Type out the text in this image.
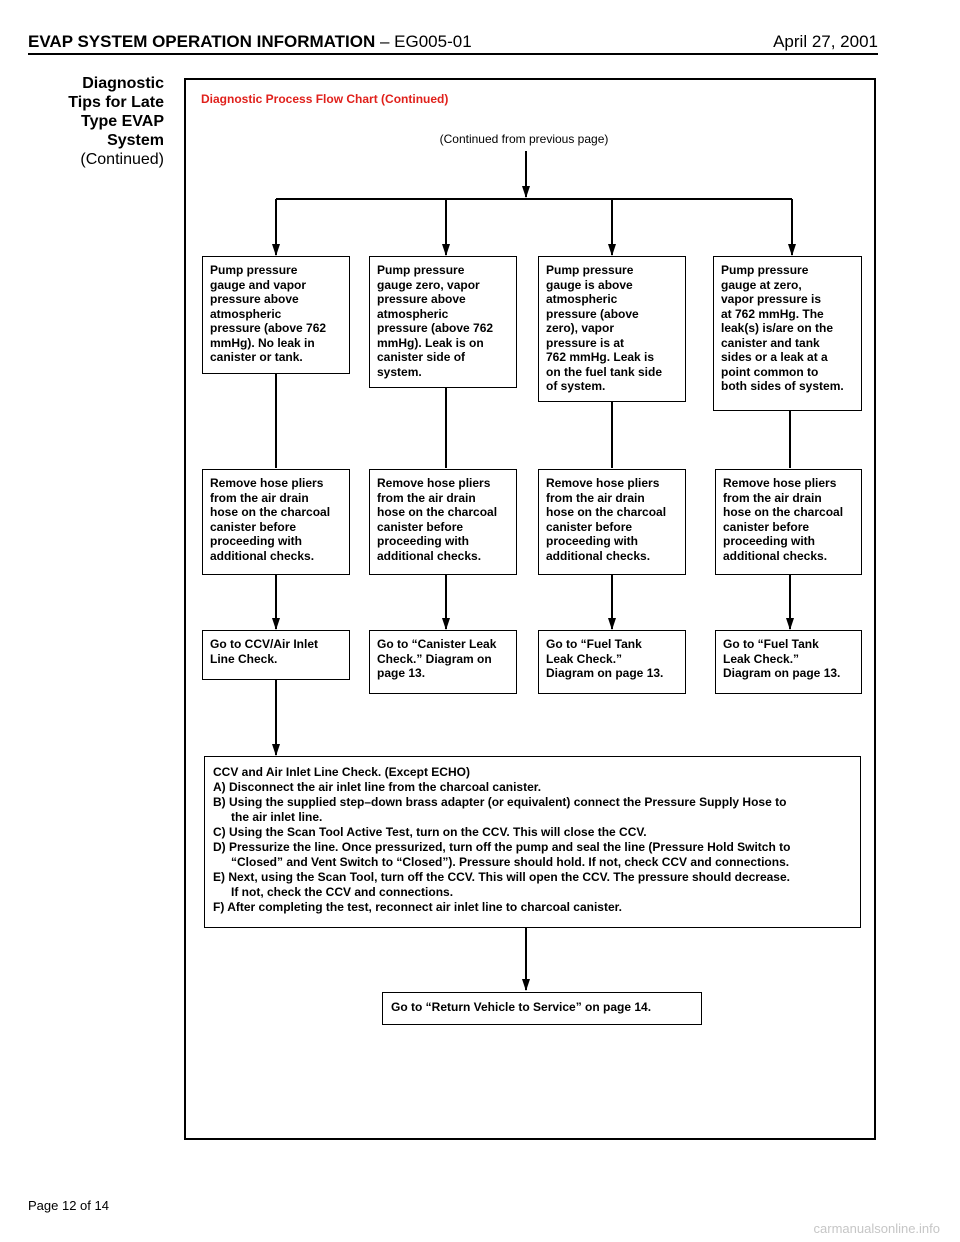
EVAP SYSTEM OPERATION INFORMATION – EG005-01	April 27, 2001
Diagnostic
Tips for Late
Type EVAP
System
(Continued)
Diagnostic Process Flow Chart (Continued)
(Continued from previous page)
Pump pressure
gauge and vapor
pressure above
atmospheric
pressure (above 762
mmHg). No leak in
canister or tank.
Pump pressure
gauge zero, vapor
pressure above
atmospheric
pressure (above 762
mmHg). Leak is on
canister side of
system.
Pump pressure
gauge is above
atmospheric
pressure (above
zero), vapor
pressure is at
762 mmHg. Leak is
on the fuel tank side
of system.
Pump pressure
gauge at zero,
vapor pressure is
at 762 mmHg. The
leak(s) is/are on the
canister and tank
sides or a leak at a
point common to
both sides of system.
Remove hose pliers
from the air drain
hose on the charcoal
canister before
proceeding with
additional checks.
Remove hose pliers
from the air drain
hose on the charcoal
canister before
proceeding with
additional checks.
Remove hose pliers
from the air drain
hose on the charcoal
canister before
proceeding with
additional checks.
Remove hose pliers
from the air drain
hose on the charcoal
canister before
proceeding with
additional checks.
Go to CCV/Air Inlet
Line Check.
Go to “Canister Leak
Check.” Diagram on
page 13.
Go to “Fuel Tank
Leak Check.”
Diagram on page 13.
Go to “Fuel Tank
Leak Check.”
Diagram on page 13.
CCV and Air Inlet Line Check. (Except ECHO)
A) Disconnect the air inlet line from the charcoal canister.
B) Using the supplied step–down brass adapter (or equivalent) connect the Pressure Supply Hose to
the air inlet line.
C) Using the Scan Tool Active Test, turn on the CCV. This will close the CCV.
D) Pressurize the line. Once pressurized, turn off the pump and seal the line (Pressure Hold Switch to
“Closed” and Vent Switch to “Closed”). Pressure should hold. If not, check CCV and connections.
E) Next, using the Scan Tool, turn off the CCV. This will open the CCV. The pressure should decrease.
If not, check the CCV and connections.
F) After completing the test, reconnect air inlet line to charcoal canister.
Go to “Return Vehicle to Service” on page 14.
Page 12 of 14
carmanualsonline.info
